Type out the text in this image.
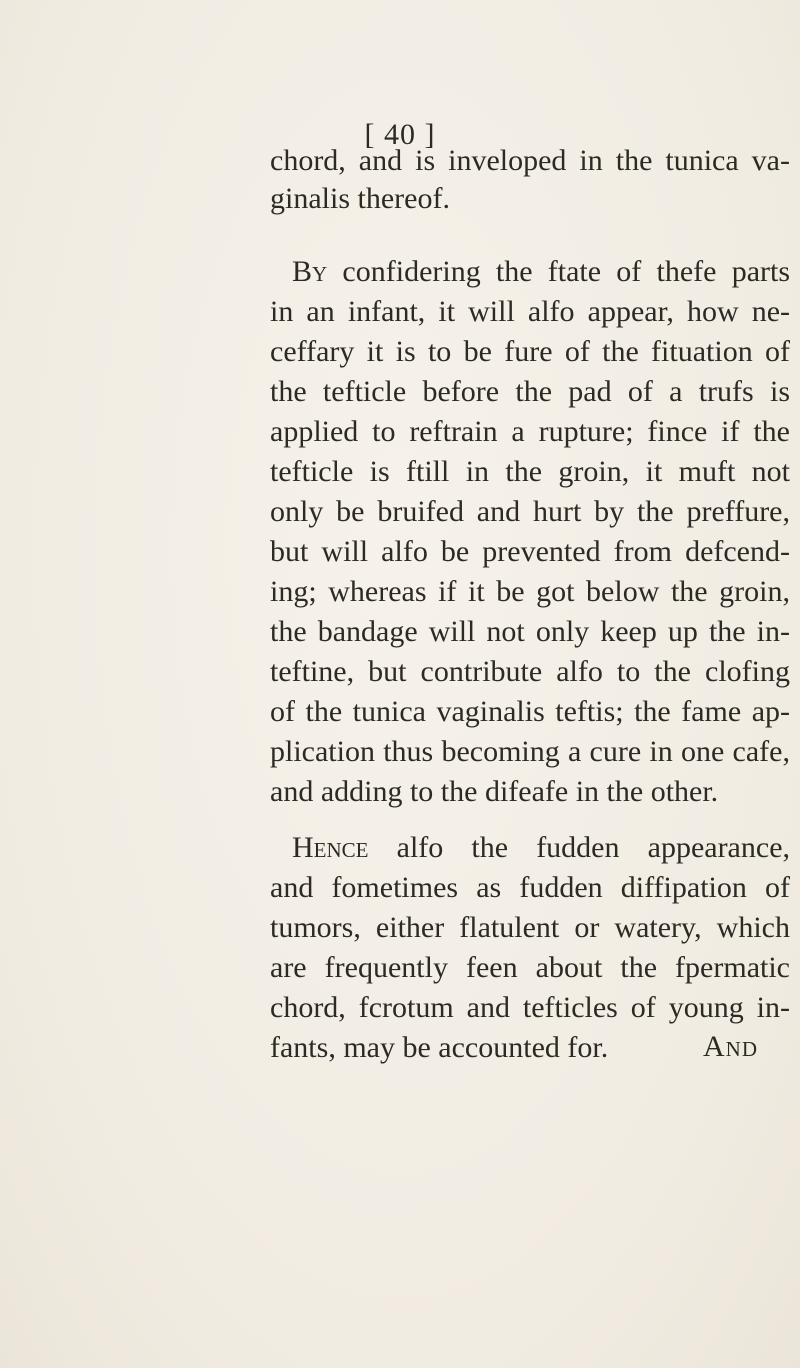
[ 40 ]
chord, and is inveloped in the tunica va-
ginalis thereof.
By confidering the ftate of thefe parts
in an infant, it will alfo appear, how ne-
ceffary it is to be fure of the fituation of
the tefticle before the pad of a trufs is
applied to reftrain a rupture; fince if the
tefticle is ftill in the groin, it muft not
only be bruifed and hurt by the preffure,
but will alfo be prevented from defcend-
ing; whereas if it be got below the groin,
the bandage will not only keep up the in-
teftine, but contribute alfo to the clofing
of the tunica vaginalis teftis; the fame ap-
plication thus becoming a cure in one cafe,
and adding to the difeafe in the other.
Hence alfo the fudden appearance,
and fometimes as fudden diffipation of
tumors, either flatulent or watery, which
are frequently feen about the fpermatic
chord, fcrotum and tefticles of young in-
fants, may be accounted for.	And
